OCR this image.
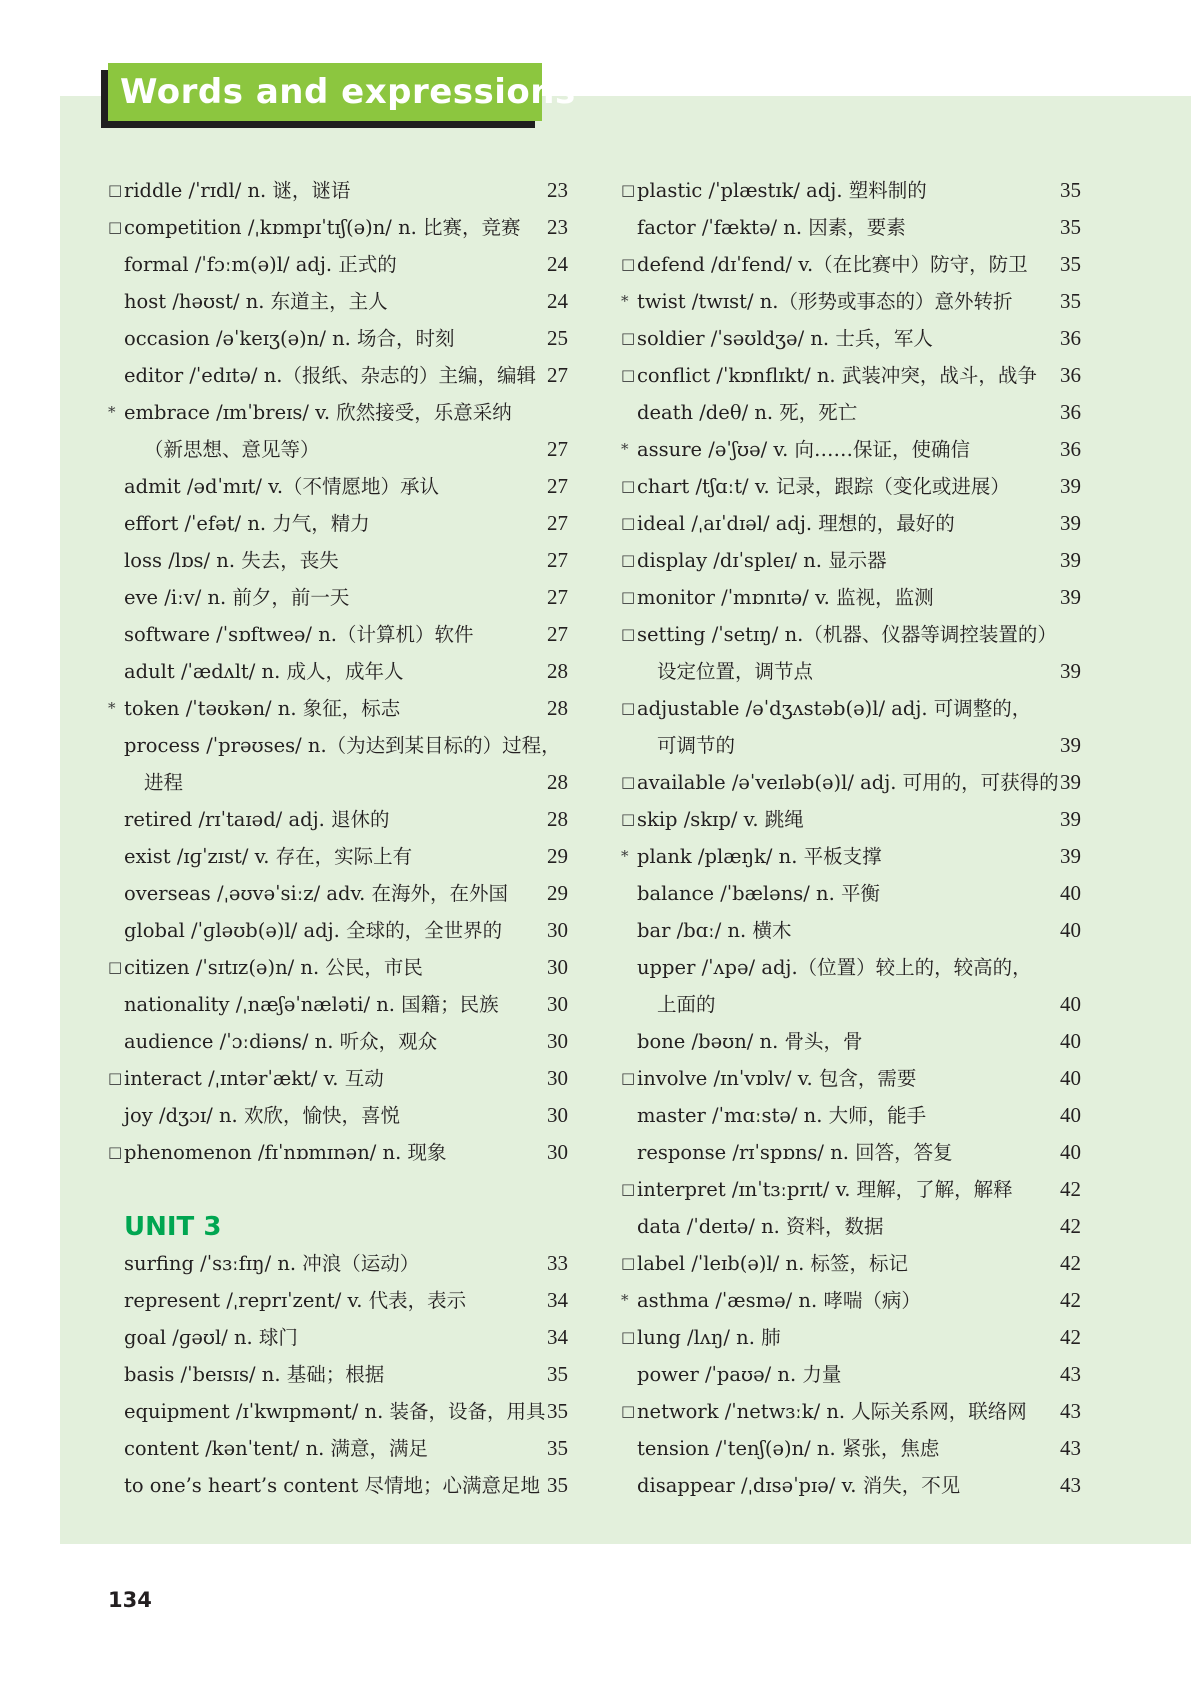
Words and expressions
□ riddle /ˈrɪdl/ n. 谜，谜语	23
□ competition /ˌkɒmpɪˈtɪʃ(ə)n/ n. 比赛，竞赛 23
formal /ˈfɔːm(ə)l/ adj. 正式的	24
host /həʊst/ n. 东道主，主人	24
occasion /əˈkeɪʒ(ə)n/ n. 场合，时刻	25
editor /ˈedɪtə/ n.（报纸、杂志的）主编，编辑 27
* embrace /ɪmˈbreɪs/ v. 欣然接受，乐意采纳
（新思想、意见等）	27
admit /ədˈmɪt/ v.（不情愿地）承认	27
effort /ˈefət/ n. 力气，精力	27
loss /lɒs/ n. 失去，丧失	27
eve /iːv/ n. 前夕，前一天	27
software /ˈsɒftweə/ n.（计算机）软件	27
adult /ˈædʌlt/ n. 成人，成年人	28
* token /ˈtəʊkən/ n. 象征，标志	28
process /ˈprəʊses/ n.（为达到某目标的）过程，
进程	28
retired /rɪˈtaɪəd/ adj. 退休的	28
exist /ɪɡˈzɪst/ v. 存在，实际上有	29
overseas /ˌəʊvəˈsiːz/ adv. 在海外，在外国 29
global /ˈɡləʊb(ə)l/ adj. 全球的，全世界的 30
□ citizen /ˈsɪtɪz(ə)n/ n. 公民，市民	30
nationality /ˌnæʃəˈnæləti/ n. 国籍；民族 30
audience /ˈɔːdiəns/ n. 听众，观众	30
□ interact /ˌɪntərˈækt/ v. 互动	30
joy /dʒɔɪ/ n. 欢欣，愉快，喜悦	30
□ phenomenon /fɪˈnɒmɪnən/ n. 现象	30
UNIT 3
surfing /ˈsɜːfɪŋ/ n. 冲浪（运动）	33
represent /ˌreprɪˈzent/ v. 代表，表示	34
goal /ɡəʊl/ n. 球门	34
basis /ˈbeɪsɪs/ n. 基础；根据	35
equipment /ɪˈkwɪpmənt/ n. 装备，设备，用具 35
content /kənˈtent/ n. 满意，满足	35
to one’s heart’s content 尽情地；心满意足地 35
□ plastic /ˈplæstɪk/ adj. 塑料制的	35
factor /ˈfæktə/ n. 因素，要素	35
□ defend /dɪˈfend/ v.（在比赛中）防守，防卫 35
* twist /twɪst/ n.（形势或事态的）意外转折 35
□ soldier /ˈsəʊldʒə/ n. 士兵，军人	36
□ conflict /ˈkɒnflɪkt/ n. 武装冲突，战斗，战争 36
death /deθ/ n. 死，死亡	36
* assure /əˈʃʊə/ v. 向……保证，使确信	36
□ chart /tʃɑːt/ v. 记录，跟踪（变化或进展） 39
□ ideal /ˌaɪˈdɪəl/ adj. 理想的，最好的	39
□ display /dɪˈspleɪ/ n. 显示器	39
□ monitor /ˈmɒnɪtə/ v. 监视，监测	39
□ setting /ˈsetɪŋ/ n.（机器、仪器等调控装置的）
设定位置，调节点	39
□ adjustable /əˈdʒʌstəb(ə)l/ adj. 可调整的，
可调节的	39
□ available /əˈveɪləb(ə)l/ adj. 可用的，可获得的 39
□ skip /skɪp/ v. 跳绳	39
* plank /plæŋk/ n. 平板支撑	39
balance /ˈbæləns/ n. 平衡	40
bar /bɑː/ n. 横木	40
upper /ˈʌpə/ adj.（位置）较上的，较高的，
上面的	40
bone /bəʊn/ n. 骨头，骨	40
□ involve /ɪnˈvɒlv/ v. 包含，需要	40
master /ˈmɑːstə/ n. 大师，能手	40
response /rɪˈspɒns/ n. 回答，答复	40
□ interpret /ɪnˈtɜːprɪt/ v. 理解，了解，解释 42
data /ˈdeɪtə/ n. 资料，数据	42
□ label /ˈleɪb(ə)l/ n. 标签，标记	42
* asthma /ˈæsmə/ n. 哮喘（病）	42
□ lung /lʌŋ/ n. 肺	42
power /ˈpaʊə/ n. 力量	43
□ network /ˈnetwɜːk/ n. 人际关系网，联络网 43
tension /ˈtenʃ(ə)n/ n. 紧张，焦虑	43
disappear /ˌdɪsəˈpɪə/ v. 消失，不见	43
134
